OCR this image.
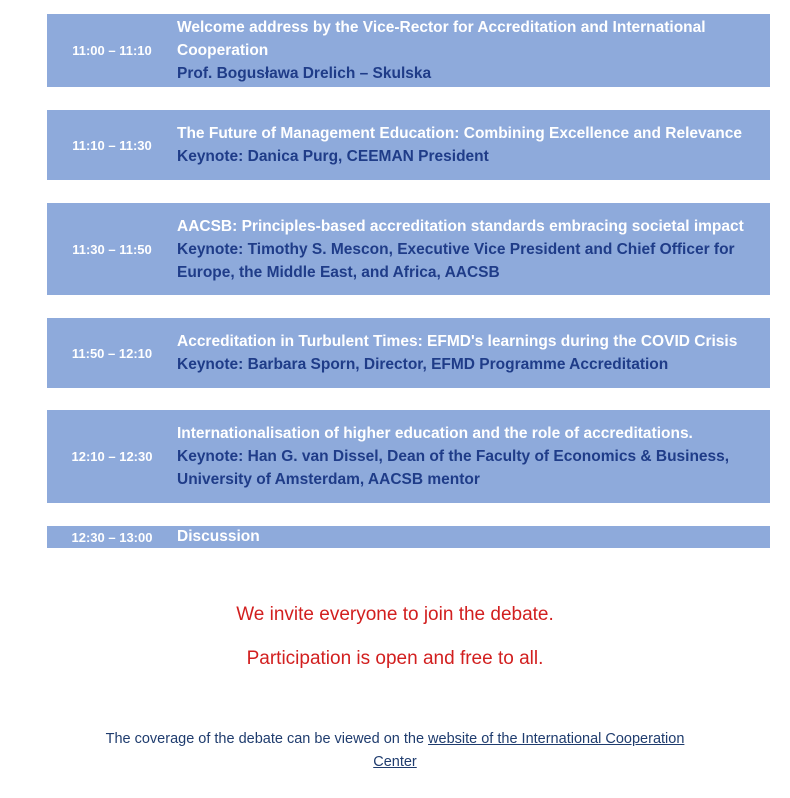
11:00 – 11:10
Welcome address by the Vice-Rector for Accreditation and International Cooperation
Prof. Bogusława Drelich – Skulska
11:10 – 11:30
The Future of Management Education: Combining Excellence and Relevance
Keynote: Danica Purg, CEEMAN President
11:30 – 11:50
AACSB: Principles-based accreditation standards embracing societal impact
Keynote: Timothy S. Mescon, Executive Vice President and Chief Officer for Europe, the Middle East, and Africa, AACSB
11:50 – 12:10
Accreditation in Turbulent Times: EFMD's learnings during the COVID Crisis
Keynote: Barbara Sporn, Director, EFMD Programme Accreditation
12:10 – 12:30
Internationalisation of higher education and the role of accreditations.
Keynote: Han G. van Dissel, Dean of the Faculty of Economics & Business, University of Amsterdam, AACSB mentor
12:30 – 13:00	Discussion
We invite everyone to join the debate.
Participation is open and free to all.
The coverage of the debate can be viewed on the website of the International Cooperation Center
